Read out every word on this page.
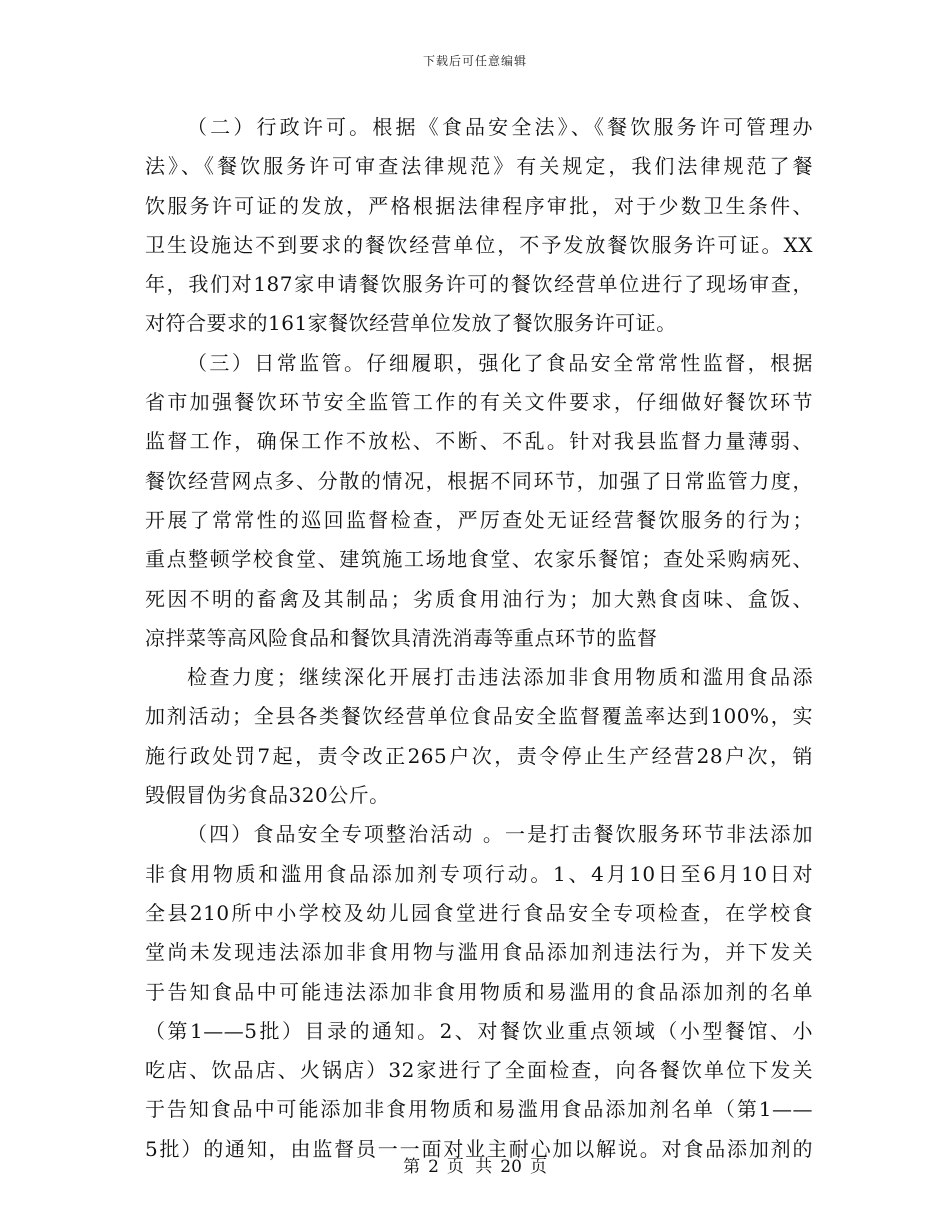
下载后可任意编辑
（二）行政许可。根据《食品安全法》、《餐饮服务许可管理办
法》、《餐饮服务许可审查法律规范》有关规定，我们法律规范了餐
饮服务许可证的发放，严格根据法律程序审批，对于少数卫生条件、
卫生设施达不到要求的餐饮经营单位，不予发放餐饮服务许可证。XX
年，我们对187家申请餐饮服务许可的餐饮经营单位进行了现场审查，
对符合要求的161家餐饮经营单位发放了餐饮服务许可证。
（三）日常监管。仔细履职，强化了食品安全常常性监督，根据
省市加强餐饮环节安全监管工作的有关文件要求，仔细做好餐饮环节
监督工作，确保工作不放松、不断、不乱。针对我县监督力量薄弱、
餐饮经营网点多、分散的情况，根据不同环节，加强了日常监管力度，
开展了常常性的巡回监督检查，严厉查处无证经营餐饮服务的行为；
重点整顿学校食堂、建筑施工场地食堂、农家乐餐馆；查处采购病死、
死因不明的畜禽及其制品；劣质食用油行为；加大熟食卤味、盒饭、
凉拌菜等高风险食品和餐饮具清洗消毒等重点环节的监督
检查力度；继续深化开展打击违法添加非食用物质和滥用食品添
加剂活动；全县各类餐饮经营单位食品安全监督覆盖率达到100%，实
施行政处罚7起，责令改正265户次，责令停止生产经营28户次，销
毁假冒伪劣食品320公斤。
（四）食品安全专项整治活动 。一是打击餐饮服务环节非法添加
非食用物质和滥用食品添加剂专项行动。1、4月10日至6月10日对
全县210所中小学校及幼儿园食堂进行食品安全专项检查，在学校食
堂尚未发现违法添加非食用物与滥用食品添加剂违法行为，并下发关
于告知食品中可能违法添加非食用物质和易滥用的食品添加剂的名单
（第1——5批）目录的通知。2、对餐饮业重点领域（小型餐馆、小
吃店、饮品店、火锅店）32家进行了全面检查，向各餐饮单位下发关
于告知食品中可能添加非食用物质和易滥用食品添加剂名单（第1——
5批）的通知，由监督员一一面对业主耐心加以解说。对食品添加剂的
第 2 页 共 20 页
